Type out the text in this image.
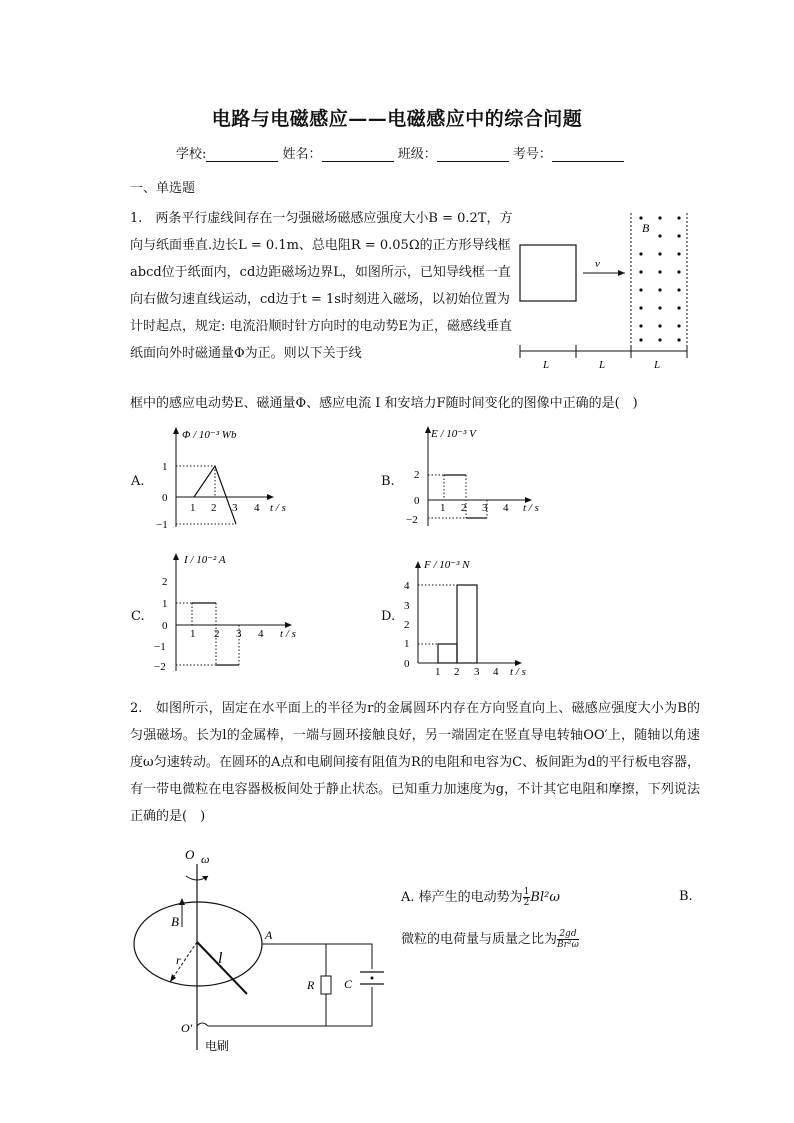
电路与电磁感应——电磁感应中的综合问题
学校:	姓名：	班级：	考号：
一、单选题
1.　两条平行虚线间存在一匀强磁场磁感应强度大小B = 0.2T，方向与纸面垂直.边长L = 0.1m、总电阻R = 0.05Ω的正方形导线框abcd位于纸面内，cd边距磁场边界L，如图所示，已知导线框一直向右做匀速直线运动，cd边于t = 1s时刻进入磁场，以初始位置为计时起点，规定: 电流沿顺时针方向时的电动势E为正，磁感线垂直纸面向外时磁通量Φ为正。则以下关于线
框中的感应电动势E、磁通量Φ、感应电流 I 和安培力F随时间变化的图像中正确的是(　)
v
B
L	L	L
A.
Φ / 10⁻³ Wb
1
0
−1
1 2 3 4 t / s
B.
E / 10⁻³ V
2
0
−2
1 2 3 4 t / s
C.
I / 10⁻² A
2
1
0
−1
−2
1 2 3 4 t / s
D.
F / 10⁻³ N
4
3
2
1
0
1 2 3 4 t / s
2.　如图所示，固定在水平面上的半径为r的金属圆环内存在方向竖直向上、磁感应强度大小为B的匀强磁场。长为l的金属棒，一端与圆环接触良好，另一端固定在竖直导电转轴OO′上，随轴以角速度ω匀速转动。在圆环的A点和电刷间接有阻值为R的电阻和电容为C、板间距为d的平行板电容器，有一带电微粒在电容器极板间处于静止状态。已知重力加速度为g，不计其它电阻和摩擦，下列说法正确的是(　)
O ω
B
r l
A
R C
O′
电刷
A. 棒产生的电动势为 $\frac{1}{2} Bl^2\omega$	B.
微粒的电荷量与质量之比为 $\frac{2gd}{\text{Br²ω}}$
